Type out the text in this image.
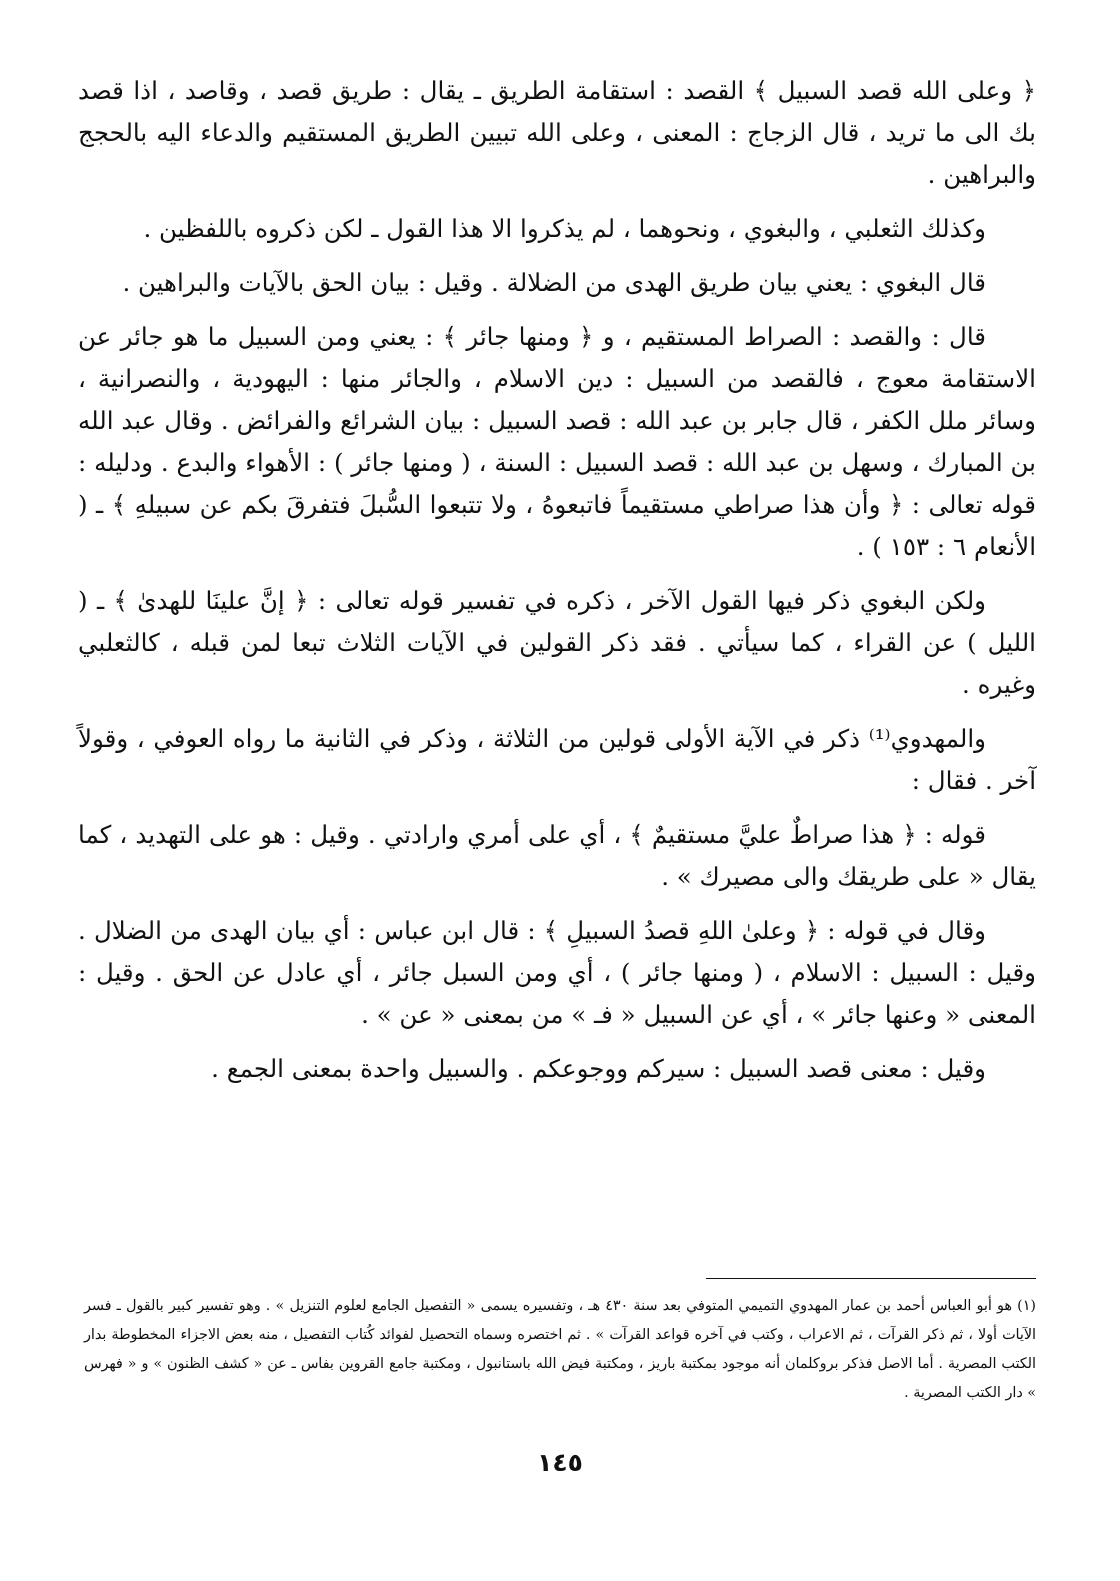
﴿ وعلى الله قصد السبيل ﴾ القصد : استقامة الطريق ـ يقال : طريق قصد ، وقاصد ، اذا قصد بك الى ما تريد ، قال الزجاج : المعنى ، وعلى الله تبيين الطريق المستقيم والدعاء اليه بالحجج والبراهين .

وكذلك الثعلبي ، والبغوي ، ونحوهما ، لم يذكروا الا هذا القول ـ لكن ذكروه باللفظين .

قال البغوي : يعني بيان طريق الهدى من الضلالة . وقيل : بيان الحق بالآيات والبراهين .

قال : والقصد : الصراط المستقيم ، و ﴿ ومنها جائر ﴾ : يعني ومن السبيل ما هو جائر عن الاستقامة معوج ، فالقصد من السبيل : دين الاسلام ، والجائر منها : اليهودية ، والنصرانية ، وسائر ملل الكفر ، قال جابر بن عبد الله : قصد السبيل : بيان الشرائع والفرائض . وقال عبد الله بن المبارك ، وسهل بن عبد الله : قصد السبيل : السنة ، ( ومنها جائر ) : الأهواء والبدع . ودليله : قوله تعالى : ﴿ وأن هذا صراطي مستقيماً فاتبعوهُ ، ولا تتبعوا السُّبلَ فتفرقَ بكم عن سبيلهِ ﴾ ـ ( الأنعام ٦ : ١٥٣ ) .

ولكن البغوي ذكر فيها القول الآخر ، ذكره في تفسير قوله تعالى : ﴿ إنَّ علينَا للهدىٰ ﴾ ـ ( الليل ) عن القراء ، كما سيأتي . فقد ذكر القولين في الآيات الثلاث تبعا لمن قبله ، كالثعلبي وغيره .

والمهدوي⁽¹⁾ ذكر في الآية الأولى قولين من الثلاثة ، وذكر في الثانية ما رواه العوفي ، وقولاً آخر . فقال :

قوله : ﴿ هذا صراطٌ عليَّ مستقيمٌ ﴾ ، أي على أمري وارادتي . وقيل : هو على التهديد ، كما يقال « على طريقك والى مصيرك » .

وقال في قوله : ﴿ وعلىٰ اللهِ قصدُ السبيلِ ﴾ : قال ابن عباس : أي بيان الهدى من الضلال . وقيل : السبيل : الاسلام ، ( ومنها جائر ) ، أي ومن السبل جائر ، أي عادل عن الحق . وقيل : المعنى « وعنها جائر » ، أي عن السبيل « فـ » من بمعنى « عن » .

وقيل : معنى قصد السبيل : سيركم ووجوعكم . والسبيل واحدة بمعنى الجمع .

(١) هو أبو العباس أحمد بن عمار المهدوي التميمي المتوفي بعد سنة ٤٣٠ هـ ، وتفسيره يسمى « التفصيل الجامع لعلوم التنزيل » . وهو تفسير كبير بالقول ـ فسر الآيات أولا ، ثم ذكر القرآت ، ثم الاعراب ، وكتب في آخره قواعد القرآت » . ثم اختصره وسماه التحصيل لفوائد كُتاب التفصيل ، منه بعض الاجزاء المخطوطة بدار الكتب المصرية . أما الاصل فذكر بروكلمان أنه موجود بمكتبة باريز ، ومكتبة فيض الله باستانبول ، ومكتبة جامع القروين بفاس ـ عن « كشف الظنون » و « فهرس » دار الكتب المصرية .

١٤٥
